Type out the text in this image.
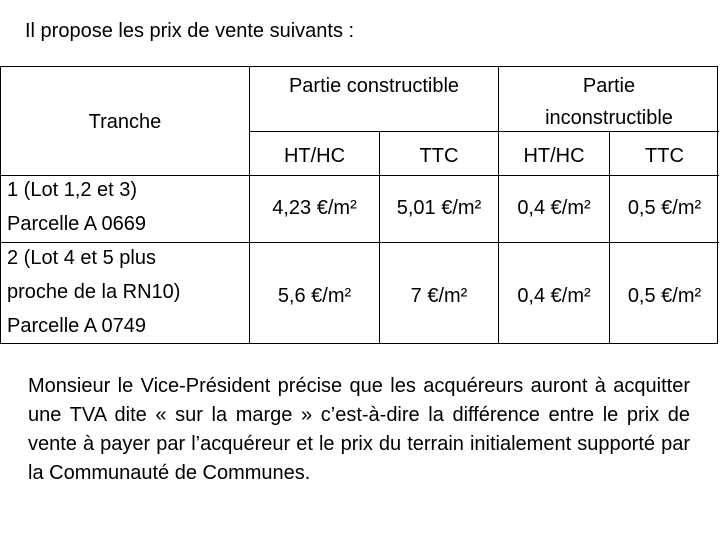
Il propose les prix de vente suivants :
Tranche
Partie constructible	Partie
inconstructible
HT/HC	TTC	HT/HC	TTC
1 (Lot 1,2 et 3)
Parcelle A 0669
4,23 €/m²	5,01 €/m²	0,4 €/m²	0,5 €/m²
2 (Lot 4 et 5 plus
proche de la RN10)
Parcelle A 0749
5,6 €/m²	7 €/m²	0,4 €/m²	0,5 €/m²
Monsieur le Vice-Président précise que les acquéreurs auront à acquitter une TVA dite « sur la marge » c’est-à-dire la différence entre le prix de vente à payer par l’acquéreur et le prix du terrain initialement supporté par la Communauté de Communes.
